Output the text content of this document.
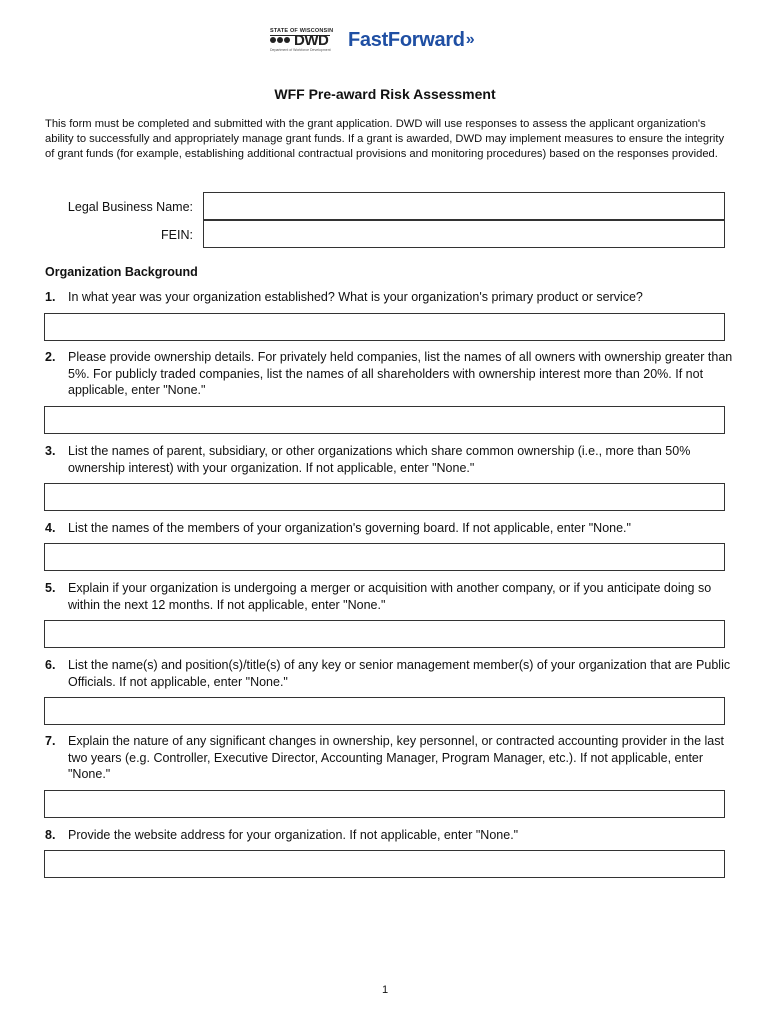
STATE OF WISCONSIN
DWD
Department of Workforce Development FastForward »
WFF Pre-award Risk Assessment
This form must be completed and submitted with the grant application. DWD will use responses to assess the applicant organization's ability to successfully and appropriately manage grant funds. If a grant is awarded, DWD may implement measures to ensure the integrity of grant funds (for example, establishing additional contractual provisions and monitoring procedures) based on the responses provided.
Legal Business Name:
FEIN:
Organization Background
1. In what year was your organization established? What is your organization's primary product or service?
2. Please provide ownership details. For privately held companies, list the names of all owners with ownership greater than 5%. For publicly traded companies, list the names of all shareholders with ownership interest more than 20%. If not applicable, enter "None."
3. List the names of parent, subsidiary, or other organizations which share common ownership (i.e., more than 50% ownership interest) with your organization. If not applicable, enter "None."
4. List the names of the members of your organization's governing board. If not applicable, enter "None."
5. Explain if your organization is undergoing a merger or acquisition with another company, or if you anticipate doing so within the next 12 months. If not applicable, enter "None."
6. List the name(s) and position(s)/title(s) of any key or senior management member(s) of your organization that are Public Officials. If not applicable, enter "None."
7. Explain the nature of any significant changes in ownership, key personnel, or contracted accounting provider in the last two years (e.g. Controller, Executive Director, Accounting Manager, Program Manager, etc.). If not applicable, enter "None."
8. Provide the website address for your organization. If not applicable, enter "None."
1
